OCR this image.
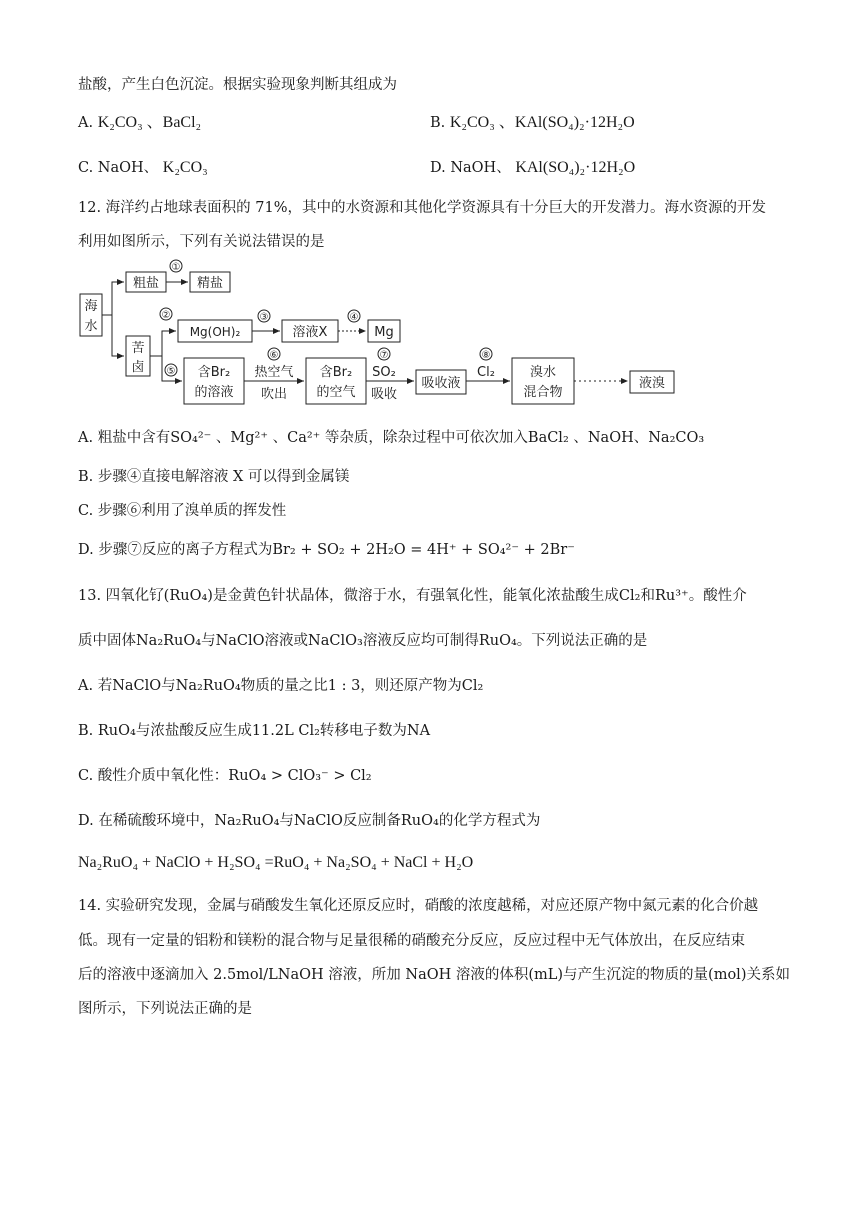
盐酸，产生白色沉淀。根据实验现象判断其组成为
A. K₂CO₃ 、BaCl₂	B. K₂CO₃ 、KAl(SO₄)₂·12H₂O
C. NaOH、 K₂CO₃	D. NaOH、 KAl(SO₄)₂·12H₂O
12. 海洋约占地球表面积的 71%，其中的水资源和其他化学资源具有十分巨大的开发潜力。海水资源的开发
利用如图所示，下列有关说法错误的是
海
水
粗盐	精盐
苦
卤
Mg(OH)₂	溶液X	Mg
含Br₂
的溶液
热空气
吹出
含Br₂
的空气
SO₂
吸收
吸收液
Cl₂	溴水
混合物
液溴
①
②	③	④
⑤
⑥	⑦	⑧
A. 粗盐中含有SO₄²⁻ 、Mg²⁺ 、Ca²⁺ 等杂质，除杂过程中可依次加入BaCl₂ 、NaOH、Na₂CO₃
B. 步骤④直接电解溶液 X 可以得到金属镁
C. 步骤⑥利用了溴单质的挥发性
D. 步骤⑦反应的离子方程式为Br₂ + SO₂ + 2H₂O = 4H⁺ + SO₄²⁻ + 2Br⁻
13. 四氧化钌(RuO₄)是金黄色针状晶体，微溶于水，有强氧化性，能氧化浓盐酸生成Cl₂和Ru³⁺。酸性介
质中固体Na₂RuO₄与NaClO溶液或NaClO₃溶液反应均可制得RuO₄。下列说法正确的是
A. 若NaClO与Na₂RuO₄物质的量之比1 : 3，则还原产物为Cl₂
B. RuO₄与浓盐酸反应生成11.2L Cl₂转移电子数为NA
C. 酸性介质中氧化性：RuO₄ > ClO₃⁻ > Cl₂
D. 在稀硫酸环境中，Na₂RuO₄与NaClO反应制备RuO₄的化学方程式为
Na₂RuO₄ + NaClO + H₂SO₄ =RuO₄ + Na₂SO₄ + NaCl + H₂O
14. 实验研究发现，金属与硝酸发生氧化还原反应时，硝酸的浓度越稀，对应还原产物中氮元素的化合价越
低。现有一定量的铝粉和镁粉的混合物与足量很稀的硝酸充分反应，反应过程中无气体放出，在反应结束
后的溶液中逐滴加入 2.5mol/LNaOH 溶液，所加 NaOH 溶液的体积(mL)与产生沉淀的物质的量(mol)关系如
图所示，下列说法正确的是
